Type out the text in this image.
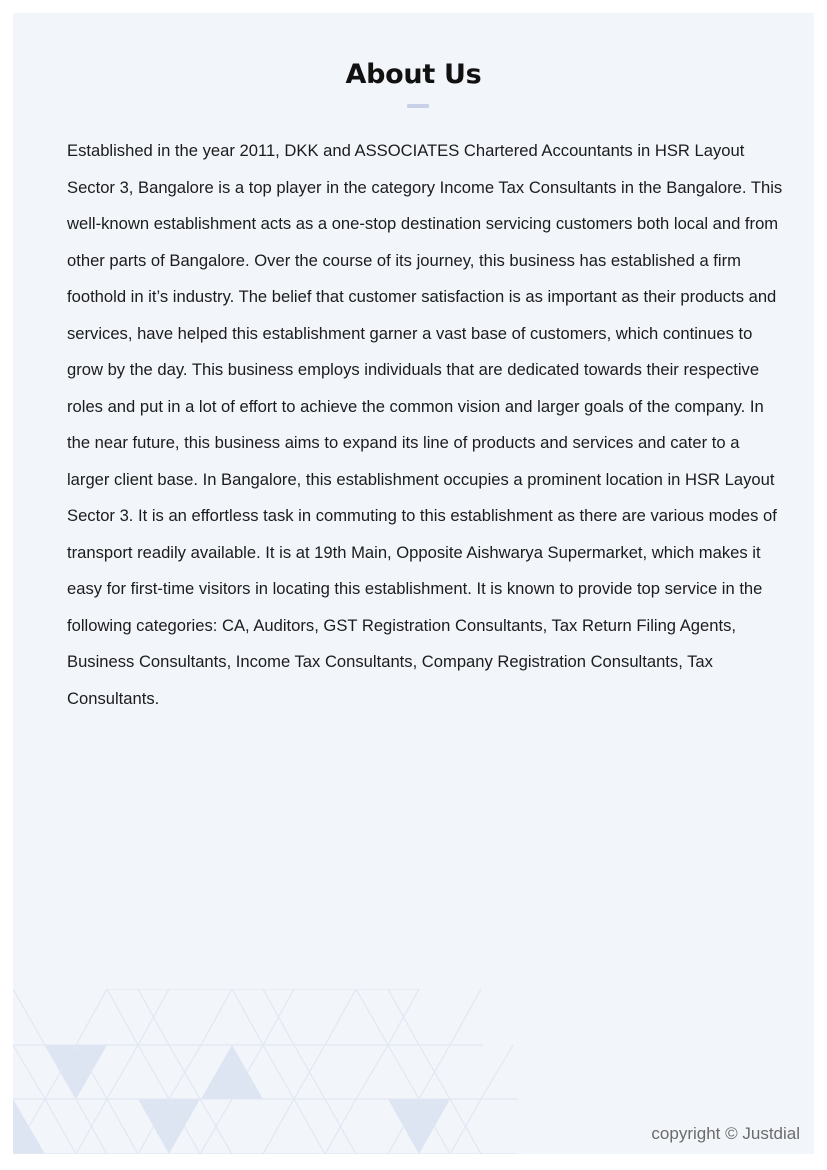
About Us

Established in the year 2011, DKK and ASSOCIATES Chartered Accountants in HSR Layout Sector 3, Bangalore is a top player in the category Income Tax Consultants in the Bangalore. This well-known establishment acts as a one-stop destination servicing customers both local and from other parts of Bangalore. Over the course of its journey, this business has established a firm foothold in it’s industry. The belief that customer satisfaction is as important as their products and services, have helped this establishment garner a vast base of customers, which continues to grow by the day. This business employs individuals that are dedicated towards their respective roles and put in a lot of effort to achieve the common vision and larger goals of the company. In the near future, this business aims to expand its line of products and services and cater to a larger client base. In Bangalore, this establishment occupies a prominent location in HSR Layout Sector 3. It is an effortless task in commuting to this establishment as there are various modes of transport readily available. It is at 19th Main, Opposite Aishwarya Supermarket, which makes it easy for first-time visitors in locating this establishment. It is known to provide top service in the following categories: CA, Auditors, GST Registration Consultants, Tax Return Filing Agents, Business Consultants, Income Tax Consultants, Company Registration Consultants, Tax Consultants.

copyright © Justdial
